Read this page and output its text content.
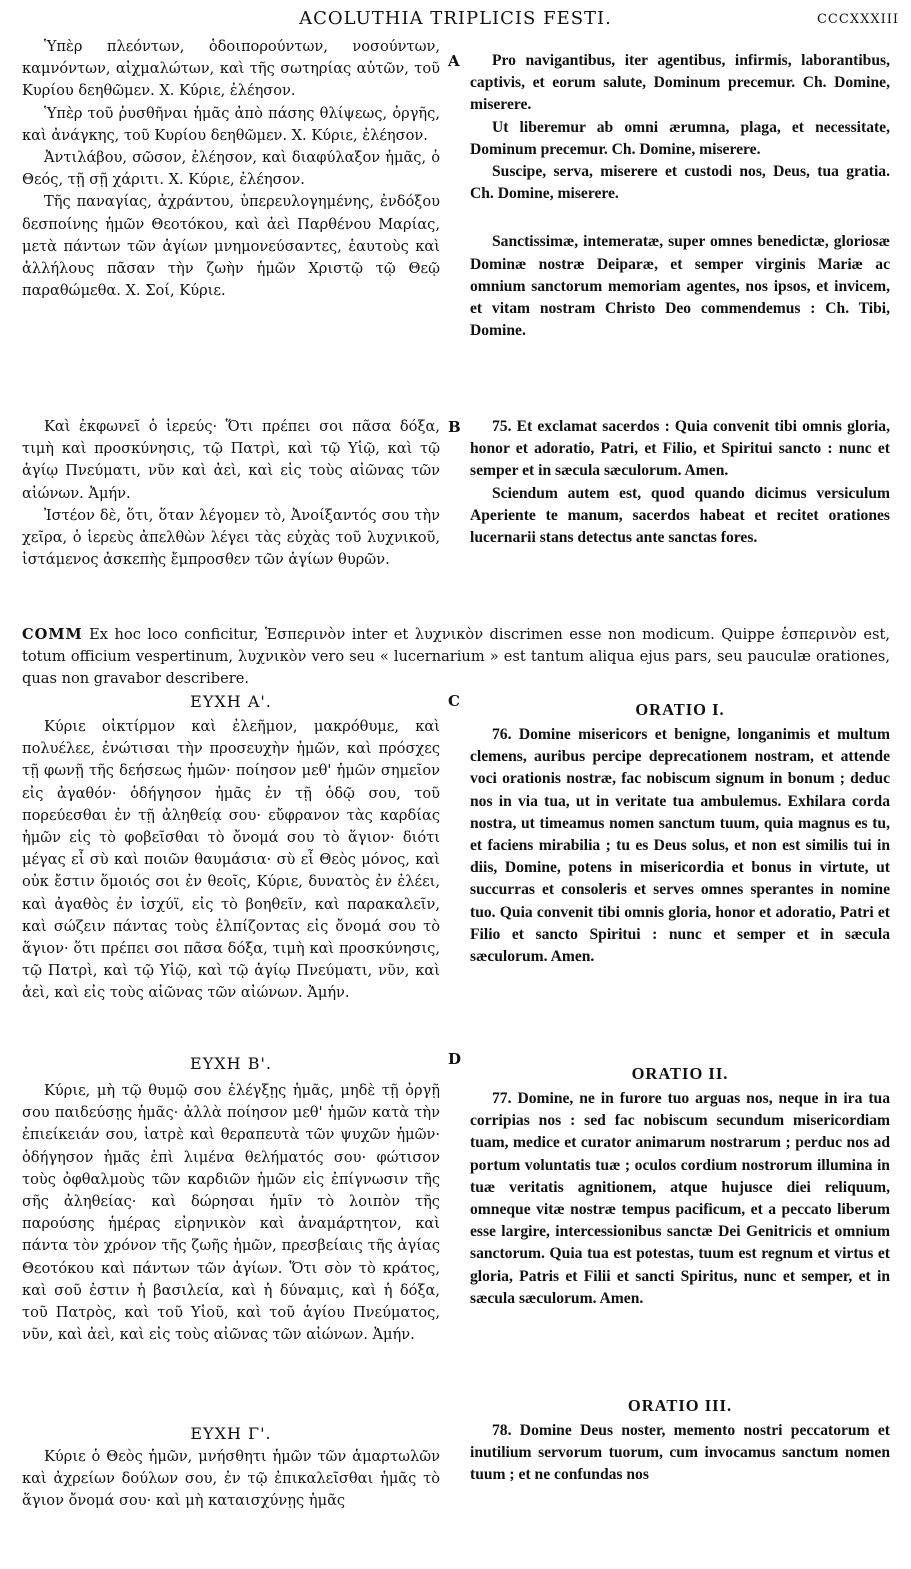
ACOLUTHIA TRIPLICIS FESTI.	CCCXXXIII

Ὑπὲρ πλεόντων, ὁδοιπορούντων, νοσούντων, καμνόντων, αἰχμαλώτων, καὶ τῆς σωτηρίας αὐτῶν, τοῦ Κυρίου δεηθῶμεν. Χ. Κύριε, ἐλέησον.

Ὑπὲρ τοῦ ῥυσθῆναι ἡμᾶς ἀπὸ πάσης θλίψεως, ὀργῆς, καὶ ἀνάγκης, τοῦ Κυρίου δεηθῶμεν. Χ. Κύριε, ἐλέησον.

Ἀντιλάβου, σῶσον, ἐλέησον, καὶ διαφύλαξον ἡμᾶς, ὁ Θεός, τῇ σῇ χάριτι. Χ. Κύριε, ἐλέησον.

Τῆς παναγίας, ἀχράντου, ὑπερευλογημένης, ἐνδόξου δεσποίνης ἡμῶν Θεοτόκου, καὶ ἀεὶ Παρθένου Μαρίας, μετὰ πάντων τῶν ἁγίων μνημονεύσαντες, ἑαυτοὺς καὶ ἀλλήλους πᾶσαν τὴν ζωὴν ἡμῶν Χριστῷ τῷ Θεῷ παραθώμεθα. Χ. Σοί, Κύριε.

A	Pro navigantibus, iter agentibus, infirmis, laborantibus, captivis, et eorum salute, Dominum precemur. Ch. Domine, miserere.

Ut liberemur ab omni ærumna, plaga, et necessitate, Dominum precemur. Ch. Domine, miserere.

Suscipe, serva, miserere et custodi nos, Deus, tua gratia. Ch. Domine, miserere.

Sanctissimæ, intemeratæ, super omnes benedictæ, gloriosæ Dominæ nostræ Deiparæ, et semper virginis Mariæ ac omnium sanctorum memoriam agentes, nos ipsos, et invicem, et vitam nostram Christo Deo commendemus : Ch. Tibi, Domine.

Καὶ ἐκφωνεῖ ὁ ἱερεύς· Ὅτι πρέπει σοι πᾶσα δόξα, τιμὴ καὶ προσκύνησις, τῷ Πατρὶ, καὶ τῷ Υἱῷ, καὶ τῷ ἁγίῳ Πνεύματι, νῦν καὶ ἀεὶ, καὶ εἰς τοὺς αἰῶνας τῶν αἰώνων. Ἀμήν.

Ἰστέον δὲ, ὅτι, ὅταν λέγομεν τὸ, Ἀνοίξαντός σου τὴν χεῖρα, ὁ ἱερεὺς ἀπελθὼν λέγει τὰς εὐχὰς τοῦ λυχνικοῦ, ἱστάμενος ἀσκεπὴς ἔμπροσθεν τῶν ἁγίων θυρῶν.

B	75. Et exclamat sacerdos : Quia convenit tibi omnis gloria, honor et adoratio, Patri, et Filio, et Spiritui sancto : nunc et semper et in sæcula sæculorum. Amen.

Sciendum autem est, quod quando dicimus versiculum Aperiente te manum, sacerdos habeat et recitet orationes lucernarii stans detectus ante sanctas fores.

COMM Ex hoc loco conficitur, Ἑσπερινὸν inter et λυχνικὸν discrimen esse non modicum. Quippe ἑσπερινὸν est, totum officium vespertinum, λυχνικὸν vero seu « lucernarium » est tantum aliqua ejus pars, seu pauculæ orationes, quas non gravabor describere.
ΕΥΧΗ Α'.	C	ORATIO I.

Κύριε οἰκτίρμον καὶ ἐλεῆμον, μακρόθυμε, καὶ πολυέλεε, ἐνώτισαι τὴν προσευχὴν ἡμῶν, καὶ πρόσχες τῇ φωνῇ τῆς δεήσεως ἡμῶν· ποίησον μεθ' ἡμῶν σημεῖον εἰς ἀγαθόν· ὁδήγησον ἡμᾶς ἐν τῇ ὁδῷ σου, τοῦ πορεύεσθαι ἐν τῇ ἀληθείᾳ σου· εὔφρανον τὰς καρδίας ἡμῶν εἰς τὸ φοβεῖσθαι τὸ ὄνομά σου τὸ ἅγιον· διότι μέγας εἶ σὺ καὶ ποιῶν θαυμάσια· σὺ εἶ Θεὸς μόνος, καὶ οὐκ ἔστιν ὅμοιός σοι ἐν θεοῖς, Κύριε, δυνατὸς ἐν ἐλέει, καὶ ἀγαθὸς ἐν ἰσχύϊ, εἰς τὸ βοηθεῖν, καὶ παρακαλεῖν, καὶ σώζειν πάντας τοὺς ἐλπίζοντας εἰς ὄνομά σου τὸ ἅγιον· ὅτι πρέπει σοι πᾶσα δόξα, τιμὴ καὶ προσκύνησις, τῷ Πατρὶ, καὶ τῷ Υἱῷ, καὶ τῷ ἁγίῳ Πνεύματι, νῦν, καὶ ἀεὶ, καὶ εἰς τοὺς αἰῶνας τῶν αἰώνων. Ἀμήν.

76. Domine misericors et benigne, longanimis et multum clemens, auribus percipe deprecationem nostram, et attende voci orationis nostræ, fac nobiscum signum in bonum ; deduc nos in via tua, ut in veritate tua ambulemus. Exhilara corda nostra, ut timeamus nomen sanctum tuum, quia magnus es tu, et faciens mirabilia ; tu es Deus solus, et non est similis tui in diis, Domine, potens in misericordia et bonus in virtute, ut succurras et consoleris et serves omnes sperantes in nomine tuo. Quia convenit tibi omnis gloria, honor et adoratio, Patri et Filio et sancto Spiritui : nunc et semper et in sæcula sæculorum. Amen.

ΕΥΧΗ Β'.	D
ORATIO II.

Κύριε, μὴ τῷ θυμῷ σου ἐλέγξῃς ἡμᾶς, μηδὲ τῇ ὀργῇ σου παιδεύσῃς ἡμᾶς· ἀλλὰ ποίησον μεθ' ἡμῶν κατὰ τὴν ἐπιείκειάν σου, ἰατρὲ καὶ θεραπευτὰ τῶν ψυχῶν ἡμῶν· ὁδήγησον ἡμᾶς ἐπὶ λιμένα θελήματός σου· φώτισον τοὺς ὀφθαλμοὺς τῶν καρδιῶν ἡμῶν εἰς ἐπίγνωσιν τῆς σῆς ἀληθείας· καὶ δώρησαι ἡμῖν τὸ λοιπὸν τῆς παρούσης ἡμέρας εἰρηνικὸν καὶ ἀναμάρτητον, καὶ πάντα τὸν χρόνον τῆς ζωῆς ἡμῶν, πρεσβείαις τῆς ἁγίας Θεοτόκου καὶ πάντων τῶν ἁγίων. Ὅτι σὸν τὸ κράτος, καὶ σοῦ ἐστιν ἡ βασιλεία, καὶ ἡ δύναμις, καὶ ἡ δόξα, τοῦ Πατρὸς, καὶ τοῦ Υἱοῦ, καὶ τοῦ ἁγίου Πνεύματος, νῦν, καὶ ἀεὶ, καὶ εἰς τοὺς αἰῶνας τῶν αἰώνων. Ἀμήν.

77. Domine, ne in furore tuo arguas nos, neque in ira tua corripias nos : sed fac nobiscum secundum misericordiam tuam, medice et curator animarum nostrarum ; perduc nos ad portum voluntatis tuæ ; oculos cordium nostrorum illumina in tuæ veritatis agnitionem, atque hujusce diei reliquum, omneque vitæ nostræ tempus pacificum, et a peccato liberum esse largire, intercessionibus sanctæ Dei Genitricis et omnium sanctorum. Quia tua est potestas, tuum est regnum et virtus et gloria, Patris et Filii et sancti Spiritus, nunc et semper, et in sæcula sæculorum. Amen.

ΕΥΧΗ Γ'.
ORATIO III.

Κύριε ὁ Θεὸς ἡμῶν, μνήσθητι ἡμῶν τῶν ἁμαρτωλῶν καὶ ἀχρείων δούλων σου, ἐν τῷ ἐπικαλεῖσθαι ἡμᾶς τὸ ἅγιον ὄνομά σου· καὶ μὴ καταισχύνῃς ἡμᾶς

78. Domine Deus noster, memento nostri peccatorum et inutilium servorum tuorum, cum invocamus sanctum nomen tuum ; et ne confundas nos
